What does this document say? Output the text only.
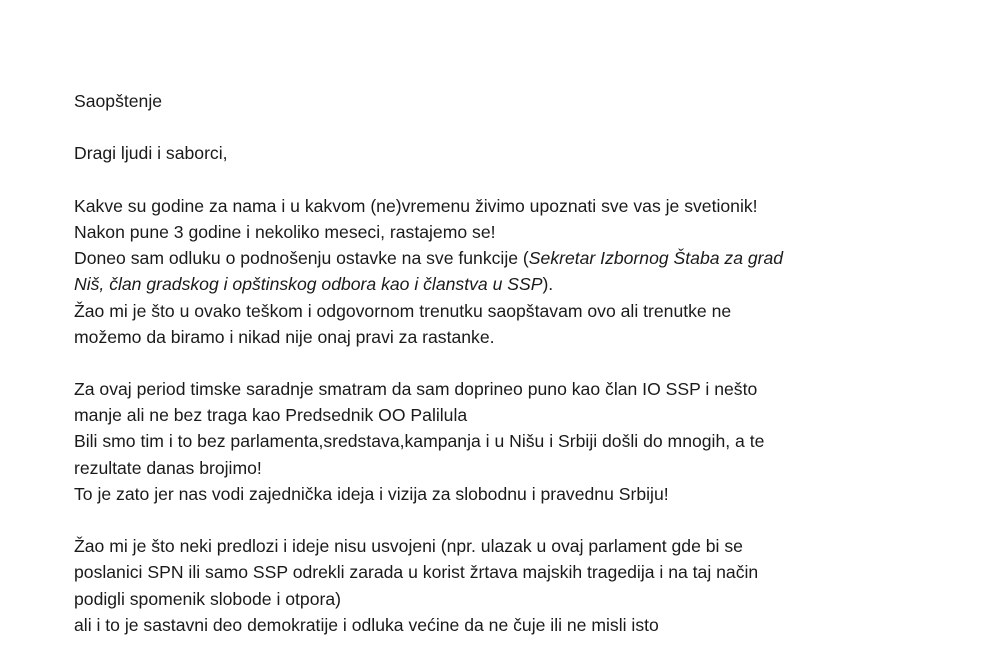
Saopštenje
Dragi ljudi i saborci,
Kakve su godine za nama i u kakvom (ne)vremenu živimo upoznati sve vas je svetionik!
Nakon pune 3 godine i nekoliko meseci, rastajemo se!
Doneo sam odluku o podnošenju ostavke na sve funkcije (Sekretar Izbornog Štaba za grad
Niš, član gradskog i opštinskog odbora kao i članstva u SSP).
Žao mi je što u ovako teškom i odgovornom trenutku saopštavam ovo ali trenutke ne
možemo da biramo i nikad nije onaj pravi za rastanke.
Za ovaj period timske saradnje smatram da sam doprineo puno kao član IO SSP i nešto
manje ali ne bez traga kao Predsednik OO Palilula
Bili smo tim i to bez parlamenta,sredstava,kampanja i u Nišu i Srbiji došli do mnogih, a te
rezultate danas brojimo!
To je zato jer nas vodi zajednička ideja i vizija za slobodnu i pravednu Srbiju!
Žao mi je što neki predlozi i ideje nisu usvojeni (npr. ulazak u ovaj parlament gde bi se
poslanici SPN ili samo SSP odrekli zarada u korist žrtava majskih tragedija i na taj način
podigli spomenik slobode i otpora)
ali i to je sastavni deo demokratije i odluka većine da ne čuje ili ne misli isto
